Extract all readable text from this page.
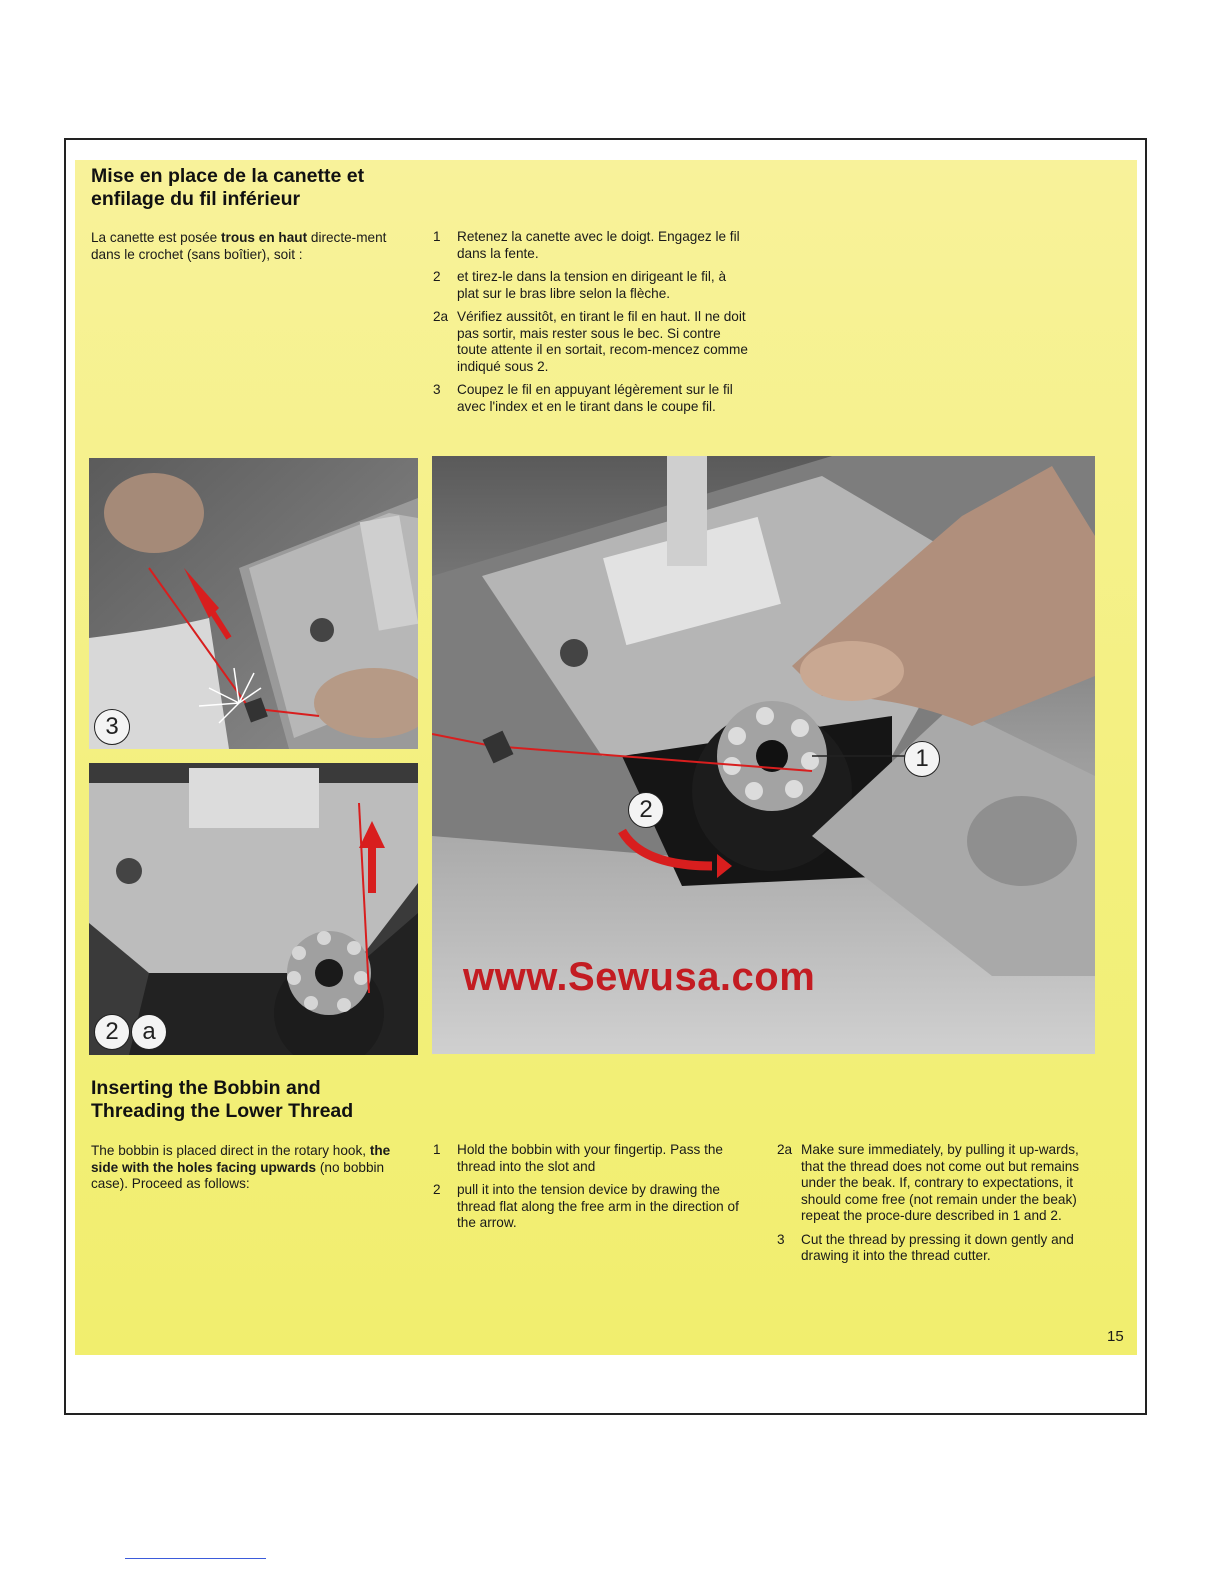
Mise en place de la canette et
enfilage du fil inférieur
La canette est posée trous en haut directe-ment dans le crochet (sans boîtier), soit :
1 Retenez la canette avec le doigt. Engagez le fil dans la fente.
2 et tirez-le dans la tension en dirigeant le fil, à plat sur le bras libre selon la flèche.
2a Vérifiez aussitôt, en tirant le fil en haut. Il ne doit pas sortir, mais rester sous le bec. Si contre toute attente il en sortait, recom-mencez comme indiqué sous 2.
3 Coupez le fil en appuyant légèrement sur le fil avec l'index et en le tirant dans le coupe fil.
3
2 a
1
2
www.Sewusa.com
Inserting the Bobbin and
Threading the Lower Thread
The bobbin is placed direct in the rotary hook, the side with the holes facing upwards (no bobbin case). Proceed as follows:
1 Hold the bobbin with your fingertip. Pass the thread into the slot and
2 pull it into the tension device by drawing the thread flat along the free arm in the direction of the arrow.
2a Make sure immediately, by pulling it up-wards, that the thread does not come out but remains under the beak. If, contrary to expectations, it should come free (not remain under the beak) repeat the proce-dure described in 1 and 2.
3 Cut the thread by pressing it down gently and drawing it into the thread cutter.
15
